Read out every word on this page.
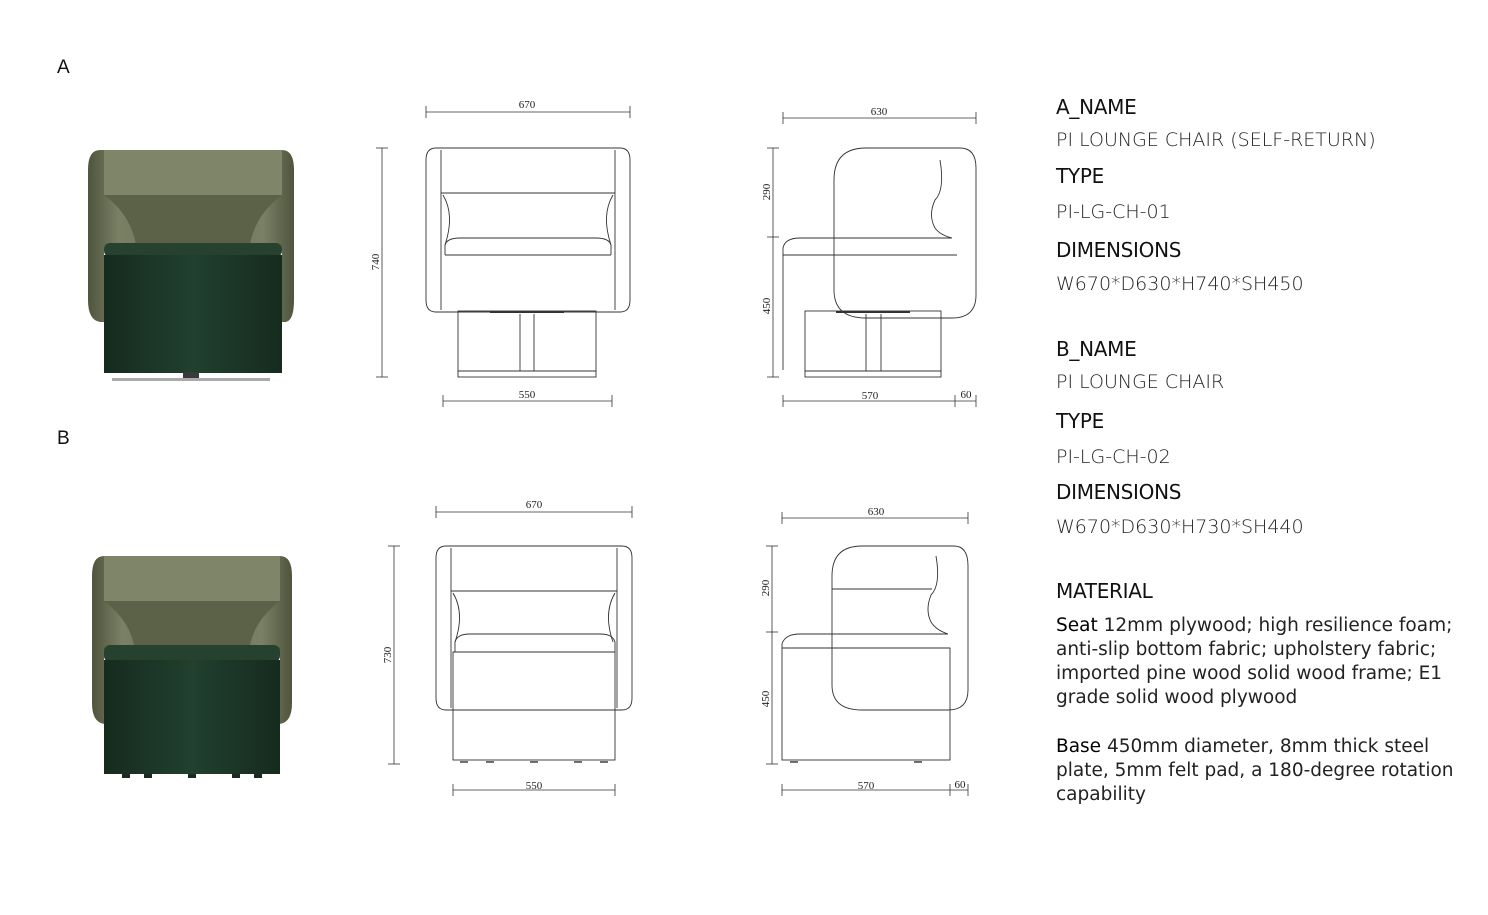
A
B
670
740
550
630
290
450
570	60
670
730
550
630
290
450
570	60
A_NAME
PI LOUNGE CHAIR (SELF-RETURN)
TYPE
PI-LG-CH-01
DIMENSIONS
W670*D630*H740*SH450
B_NAME
PI LOUNGE CHAIR
TYPE
PI-LG-CH-02
DIMENSIONS
W670*D630*H730*SH440
MATERIAL
Seat 12mm plywood; high resilience foam; anti-slip bottom fabric; upholstery fabric; imported pine wood solid wood frame; E1 grade solid wood plywood
Base 450mm diameter, 8mm thick steel plate, 5mm felt pad, a 180-degree rotation capability
